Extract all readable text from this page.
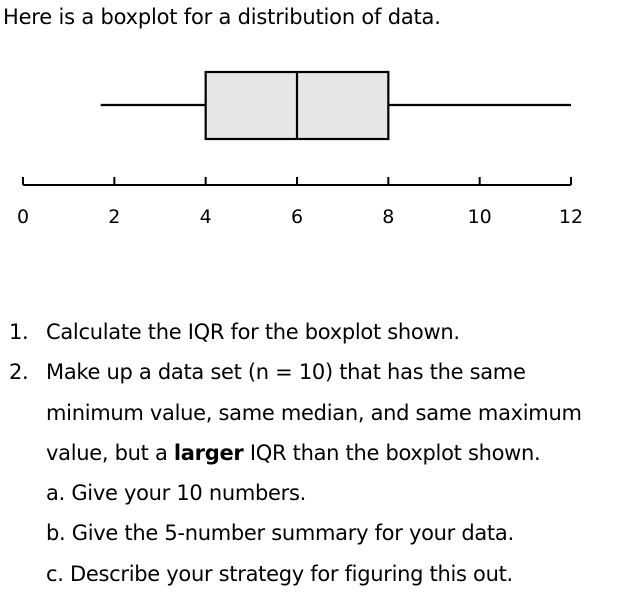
Here is a boxplot for a distribution of data.
0	2	4	6	8	10	12
1. Calculate the IQR for the boxplot shown.
2. Make up a data set (n = 10) that has the same
minimum value, same median, and same maximum
value, but a larger IQR than the boxplot shown.
a. Give your 10 numbers.
b. Give the 5-number summary for your data.
c. Describe your strategy for figuring this out.
